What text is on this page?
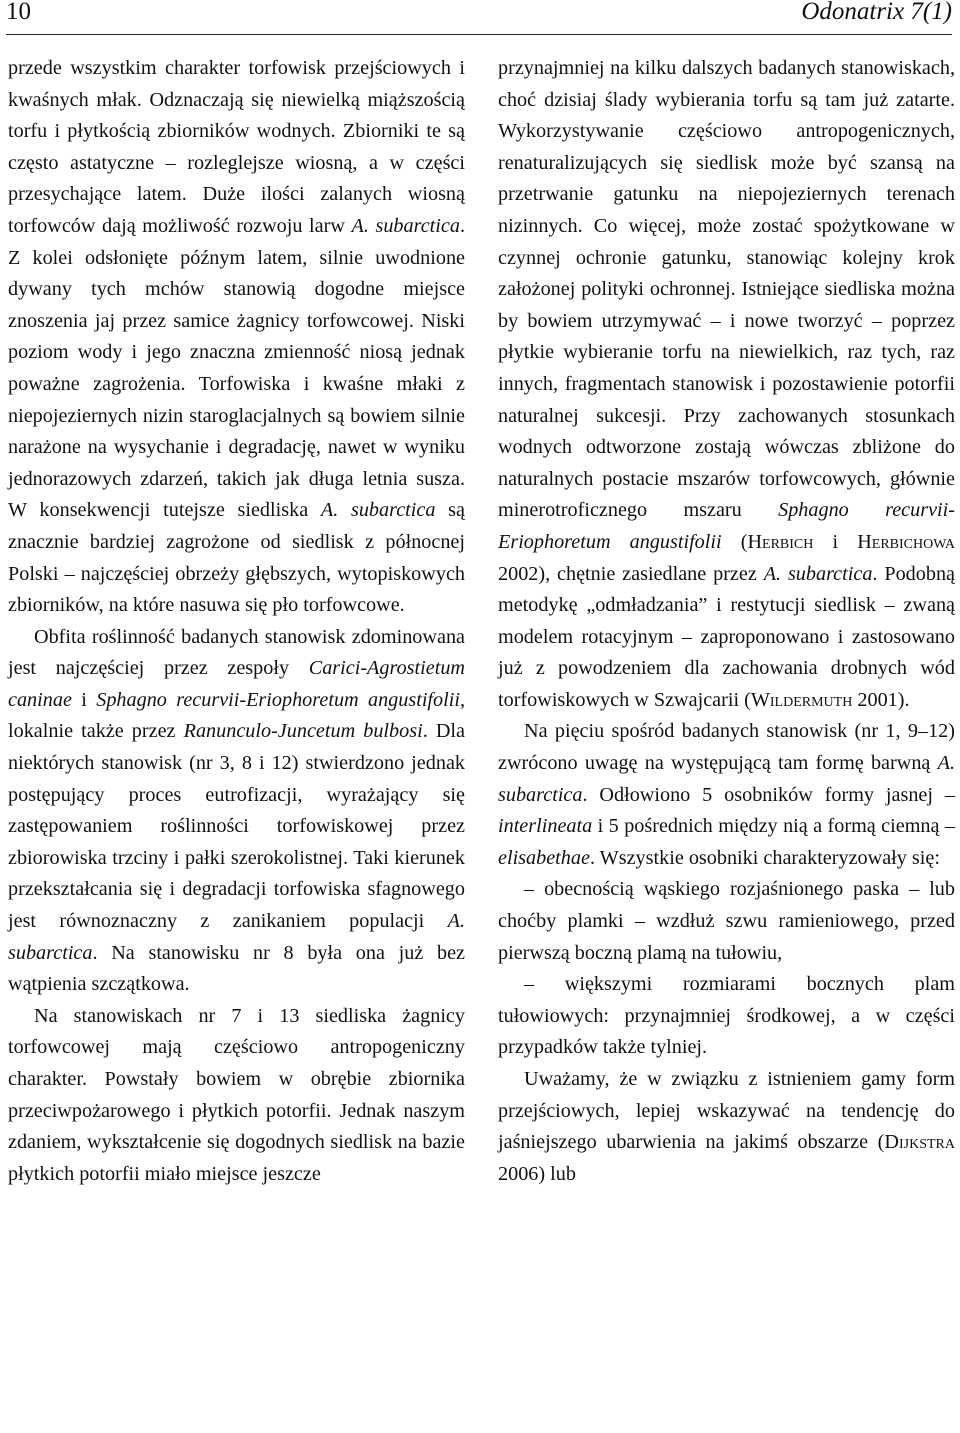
10	Odonatrix 7(1)

przede wszystkim charakter torfowisk przejściowych i kwaśnych młak. Odznaczają się niewielką miąższością torfu i płytkością zbiorników wodnych. Zbiorniki te są często astatyczne – rozleglejsze wiosną, a w części przesychające latem. Duże ilości zalanych wiosną torfowców dają możliwość rozwoju larw A. subarctica. Z kolei odsłonięte późnym latem, silnie uwodnione dywany tych mchów stanowią dogodne miejsce znoszenia jaj przez samice żagnicy torfowcowej. Niski poziom wody i jego znaczna zmienność niosą jednak poważne zagrożenia. Torfowiska i kwaśne młaki z niepojeziernych nizin staroglacjalnych są bowiem silnie narażone na wysychanie i degradację, nawet w wyniku jednorazowych zdarzeń, takich jak długa letnia susza. W konsekwencji tutejsze siedliska A. subarctica są znacznie bardziej zagrożone od siedlisk z północnej Polski – najczęściej obrzeży głębszych, wytopiskowych zbiorników, na które nasuwa się pło torfowcowe.

Obfita roślinność badanych stanowisk zdominowana jest najczęściej przez zespoły Carici-Agrostietum caninae i Sphagno recurvii-Eriophoretum angustifolii, lokalnie także przez Ranunculo-Juncetum bulbosi. Dla niektórych stanowisk (nr 3, 8 i 12) stwierdzono jednak postępujący proces eutrofizacji, wyrażający się zastępowaniem roślinności torfowiskowej przez zbiorowiska trzciny i pałki szerokolistnej. Taki kierunek przekształcania się i degradacji torfowiska sfagnowego jest równoznaczny z zanikaniem populacji A. subarctica. Na stanowisku nr 8 była ona już bez wątpienia szczątkowa.

Na stanowiskach nr 7 i 13 siedliska żagnicy torfowcowej mają częściowo antropogeniczny charakter. Powstały bowiem w obrębie zbiornika przeciwpożarowego i płytkich potorfii. Jednak naszym zdaniem, wykształcenie się dogodnych siedlisk na bazie płytkich potorfii miało miejsce jeszcze

przynajmniej na kilku dalszych badanych stanowiskach, choć dzisiaj ślady wybierania torfu są tam już zatarte. Wykorzystywanie częściowo antropogenicznych, renaturalizujących się siedlisk może być szansą na przetrwanie gatunku na niepojeziernych terenach nizinnych. Co więcej, może zostać spożytkowane w czynnej ochronie gatunku, stanowiąc kolejny krok założonej polityki ochronnej. Istniejące siedliska można by bowiem utrzymywać – i nowe tworzyć – poprzez płytkie wybieranie torfu na niewielkich, raz tych, raz innych, fragmentach stanowisk i pozostawienie potorfii naturalnej sukcesji. Przy zachowanych stosunkach wodnych odtworzone zostają wówczas zbliżone do naturalnych postacie mszarów torfowcowych, głównie minerotroficznego mszaru Sphagno recurvii-Eriophoretum angustifolii (Herbich i Herbichowa 2002), chętnie zasiedlane przez A. subarctica. Podobną metodykę „odmładzania” i restytucji siedlisk – zwaną modelem rotacyjnym – zaproponowano i zastosowano już z powodzeniem dla zachowania drobnych wód torfowiskowych w Szwajcarii (Wildermuth 2001).

Na pięciu spośród badanych stanowisk (nr 1, 9–12) zwrócono uwagę na występującą tam formę barwną A. subarctica. Odłowiono 5 osobników formy jasnej – interlineata i 5 pośrednich między nią a formą ciemną – elisabethae. Wszystkie osobniki charakteryzowały się:

– obecnością wąskiego rozjaśnionego paska – lub choćby plamki – wzdłuż szwu ramieniowego, przed pierwszą boczną plamą na tułowiu,

– większymi rozmiarami bocznych plam tułowiowych: przynajmniej środkowej, a w części przypadków także tylniej.

Uważamy, że w związku z istnieniem gamy form przejściowych, lepiej wskazywać na tendencję do jaśniejszego ubarwienia na jakimś obszarze (Dijkstra 2006) lub
